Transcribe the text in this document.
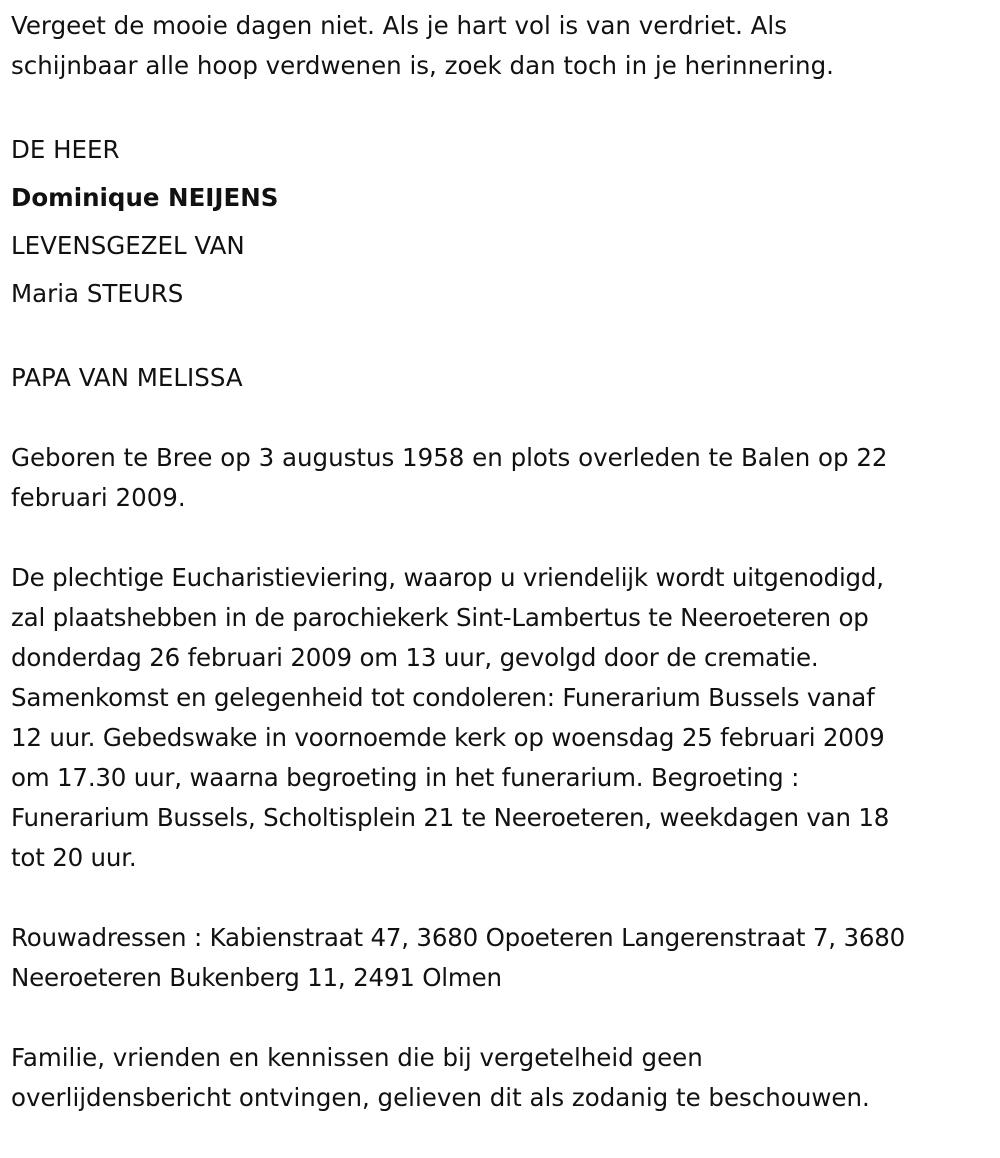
Vergeet de mooie dagen niet. Als je hart vol is van verdriet. Als
schijnbaar alle hoop verdwenen is, zoek dan toch in je herinnering.

DE HEER
Dominique NEIJENS
LEVENSGEZEL VAN
Maria STEURS

PAPA VAN MELISSA

Geboren te Bree op 3 augustus 1958 en plots overleden te Balen op 22
februari 2009.

De plechtige Eucharistieviering, waarop u vriendelijk wordt uitgenodigd,
zal plaatshebben in de parochiekerk Sint-Lambertus te Neeroeteren op
donderdag 26 februari 2009 om 13 uur, gevolgd door de crematie.
Samenkomst en gelegenheid tot condoleren: Funerarium Bussels vanaf
12 uur. Gebedswake in voornoemde kerk op woensdag 25 februari 2009
om 17.30 uur, waarna begroeting in het funerarium. Begroeting :
Funerarium Bussels, Scholtisplein 21 te Neeroeteren, weekdagen van 18
tot 20 uur.

Rouwadressen : Kabienstraat 47, 3680 Opoeteren Langerenstraat 7, 3680
Neeroeteren Bukenberg 11, 2491 Olmen

Familie, vrienden en kennissen die bij vergetelheid geen
overlijdensbericht ontvingen, gelieven dit als zodanig te beschouwen.
